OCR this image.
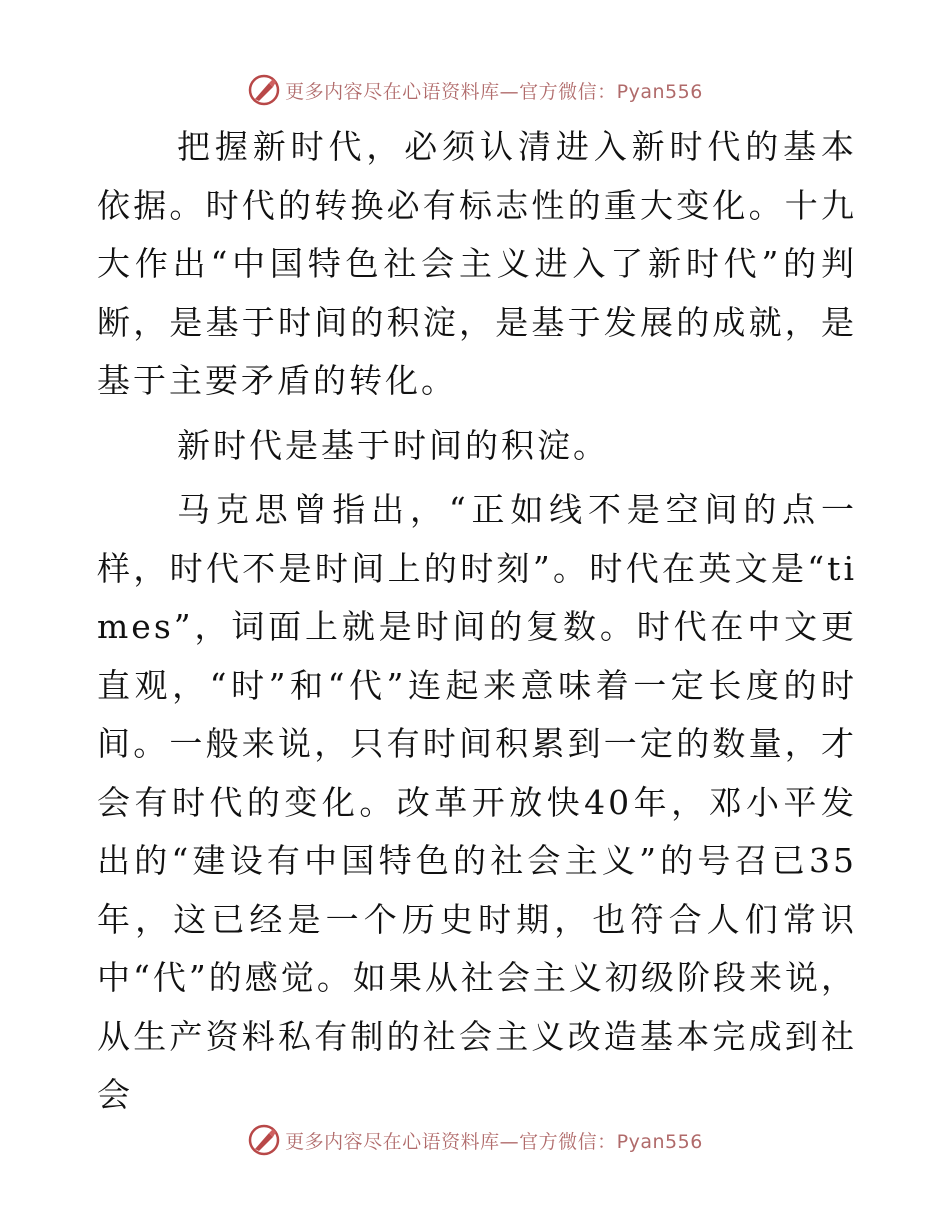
更多内容尽在心语资料库—官方微信：Pyan556

把握新时代，必须认清进入新时代的基本依据。时代的转换必有标志性的重大变化。十九大作出“中国特色社会主义进入了新时代”的判断，是基于时间的积淀，是基于发展的成就，是基于主要矛盾的转化。

新时代是基于时间的积淀。

马克思曾指出，“正如线不是空间的点一样，时代不是时间上的时刻”。时代在英文是“times”，词面上就是时间的复数。时代在中文更直观，“时”和“代”连起来意味着一定长度的时间。一般来说，只有时间积累到一定的数量，才会有时代的变化。改革开放快40年，邓小平发出的“建设有中国特色的社会主义”的号召已35年，这已经是一个历史时期，也符合人们常识中“代”的感觉。如果从社会主义初级阶段来说，从生产资料私有制的社会主义改造基本完成到社会

更多内容尽在心语资料库—官方微信：Pyan556
